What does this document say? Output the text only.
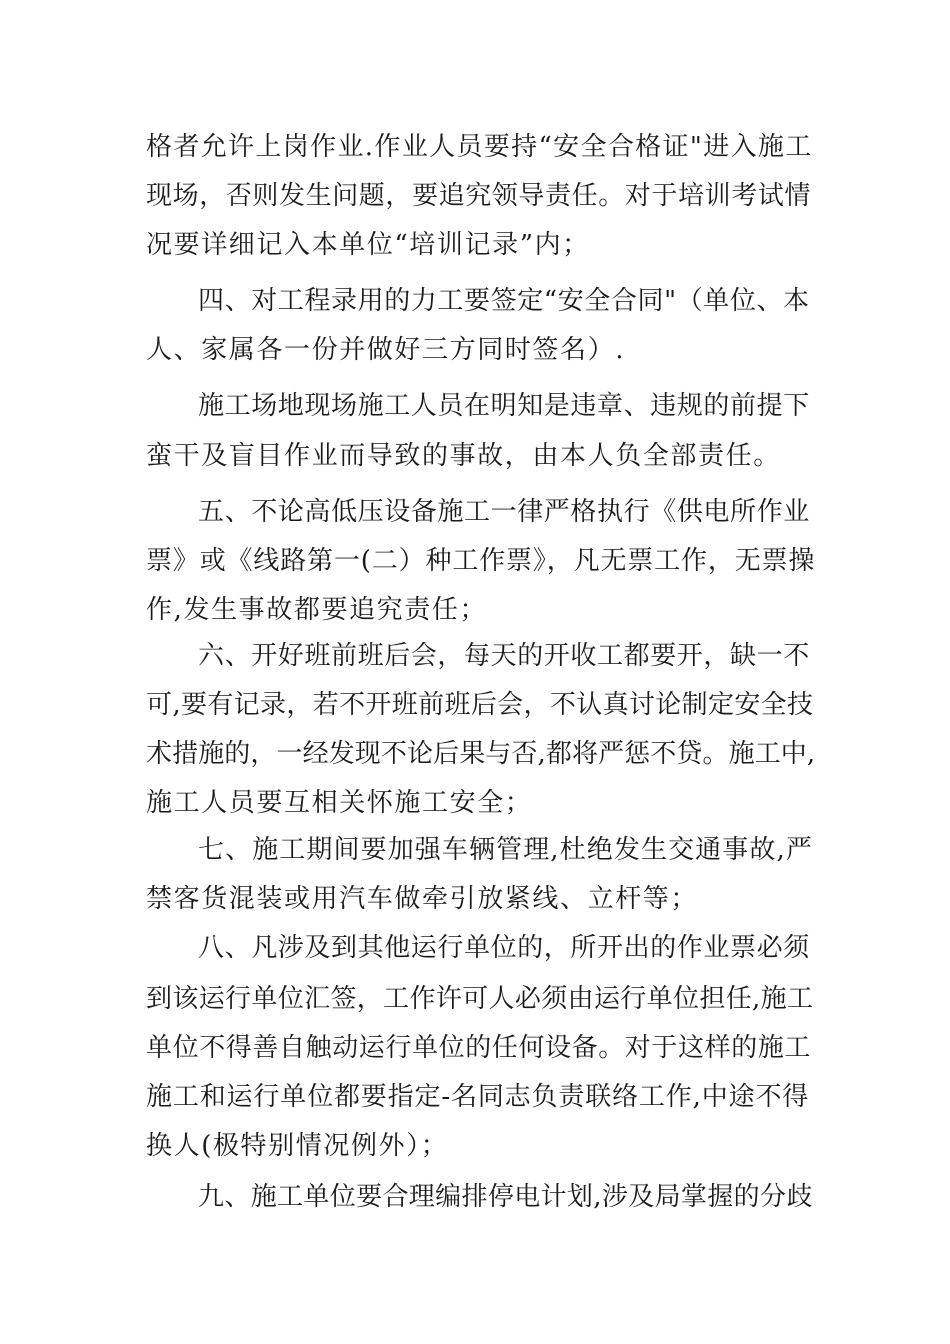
格者允许上岗作业.作业人员要持“安全合格证"进入施工
现场，否则发生问题，要追究领导责任。对于培训考试情
况要详细记入本单位“培训记录”内；
四、对工程录用的力工要签定“安全合同"（单位、本
人、家属各一份并做好三方同时签名）.
施工场地现场施工人员在明知是违章、违规的前提下
蛮干及盲目作业而导致的事故，由本人负全部责任。
五、不论高低压设备施工一律严格执行《供电所作业
票》或《线路第一(二）种工作票》，凡无票工作，无票操
作,发生事故都要追究责任；
六、开好班前班后会，每天的开收工都要开，缺一不
可,要有记录，若不开班前班后会，不认真讨论制定安全技
术措施的，一经发现不论后果与否,都将严惩不贷。施工中,
施工人员要互相关怀施工安全；
七、施工期间要加强车辆管理,杜绝发生交通事故,严
禁客货混装或用汽车做牵引放紧线、立杆等；
八、凡涉及到其他运行单位的，所开出的作业票必须
到该运行单位汇签，工作许可人必须由运行单位担任,施工
单位不得善自触动运行单位的任何设备。对于这样的施工
施工和运行单位都要指定-名同志负责联络工作,中途不得
换人(极特别情况例外）；
九、施工单位要合理编排停电计划,涉及局掌握的分歧
